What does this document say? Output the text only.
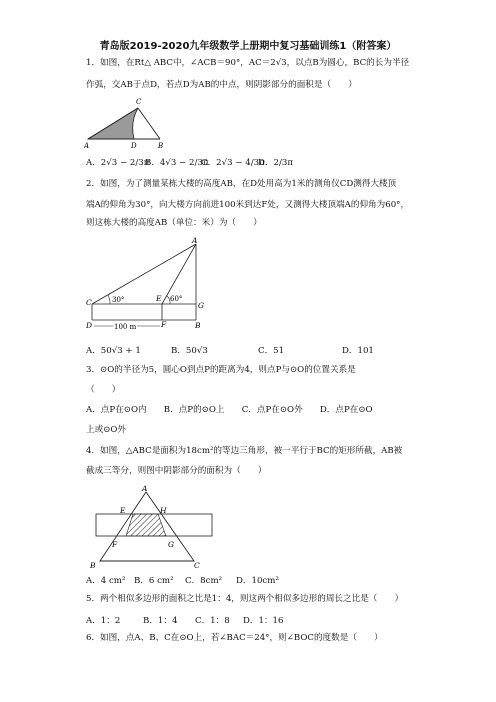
青岛版2019-2020九年级数学上册期中复习基础训练1（附答案）
1．如图，在Rt△ ABC中，∠ACB＝90°，AC＝2√3，以点B为圆心，BC的长为半径
作弧，交AB于点D，若点D为AB的中点，则阴影部分的面积是（　　）
C
A	D	B
A．2√3 − 2/3π
B．4√3 − 2/3π
C．2√3 − 4/3π
D．2/3π
2．如图，为了测量某栋大楼的高度AB，在D处用高为1米的测角仪CD测得大楼顶
端A的仰角为30°，向大楼方向前进100米到达F处，又测得大楼顶端A的仰角为60°，
则这栋大楼的高度AB（单位：米）为（　　）
A
C	30°	E 60°
G
D	100 m	F	B
A．50√3 + 1	B．50√3	C．51	D．101
3．⊙O的半径为5，圆心O到点P的距离为4，则点P与⊙O的位置关系是
（　　）
A．点P在⊙O内　　B．点P的⊙O上　　C．点P在⊙O外　　D．点P在⊙O
上或⊙O外
4．如图，△ABC是面积为18cm²的等边三角形，被一平行于BC的矩形所截，AB被
截成三等分，则图中阴影部分的面积为（　　）
A
E	H
F	G
B	C
A．4 cm² B．6 cm² C．8cm² D．10cm²
5．两个相似多边形的面积之比是1：4，则这两个相似多边形的周长之比是（　　）
A．1：2	B．1：4 C．1：8 D．1：16
6．如图，点A、B、C在⊙O上，若∠BAC＝24°，则∠BOC的度数是（　　）
